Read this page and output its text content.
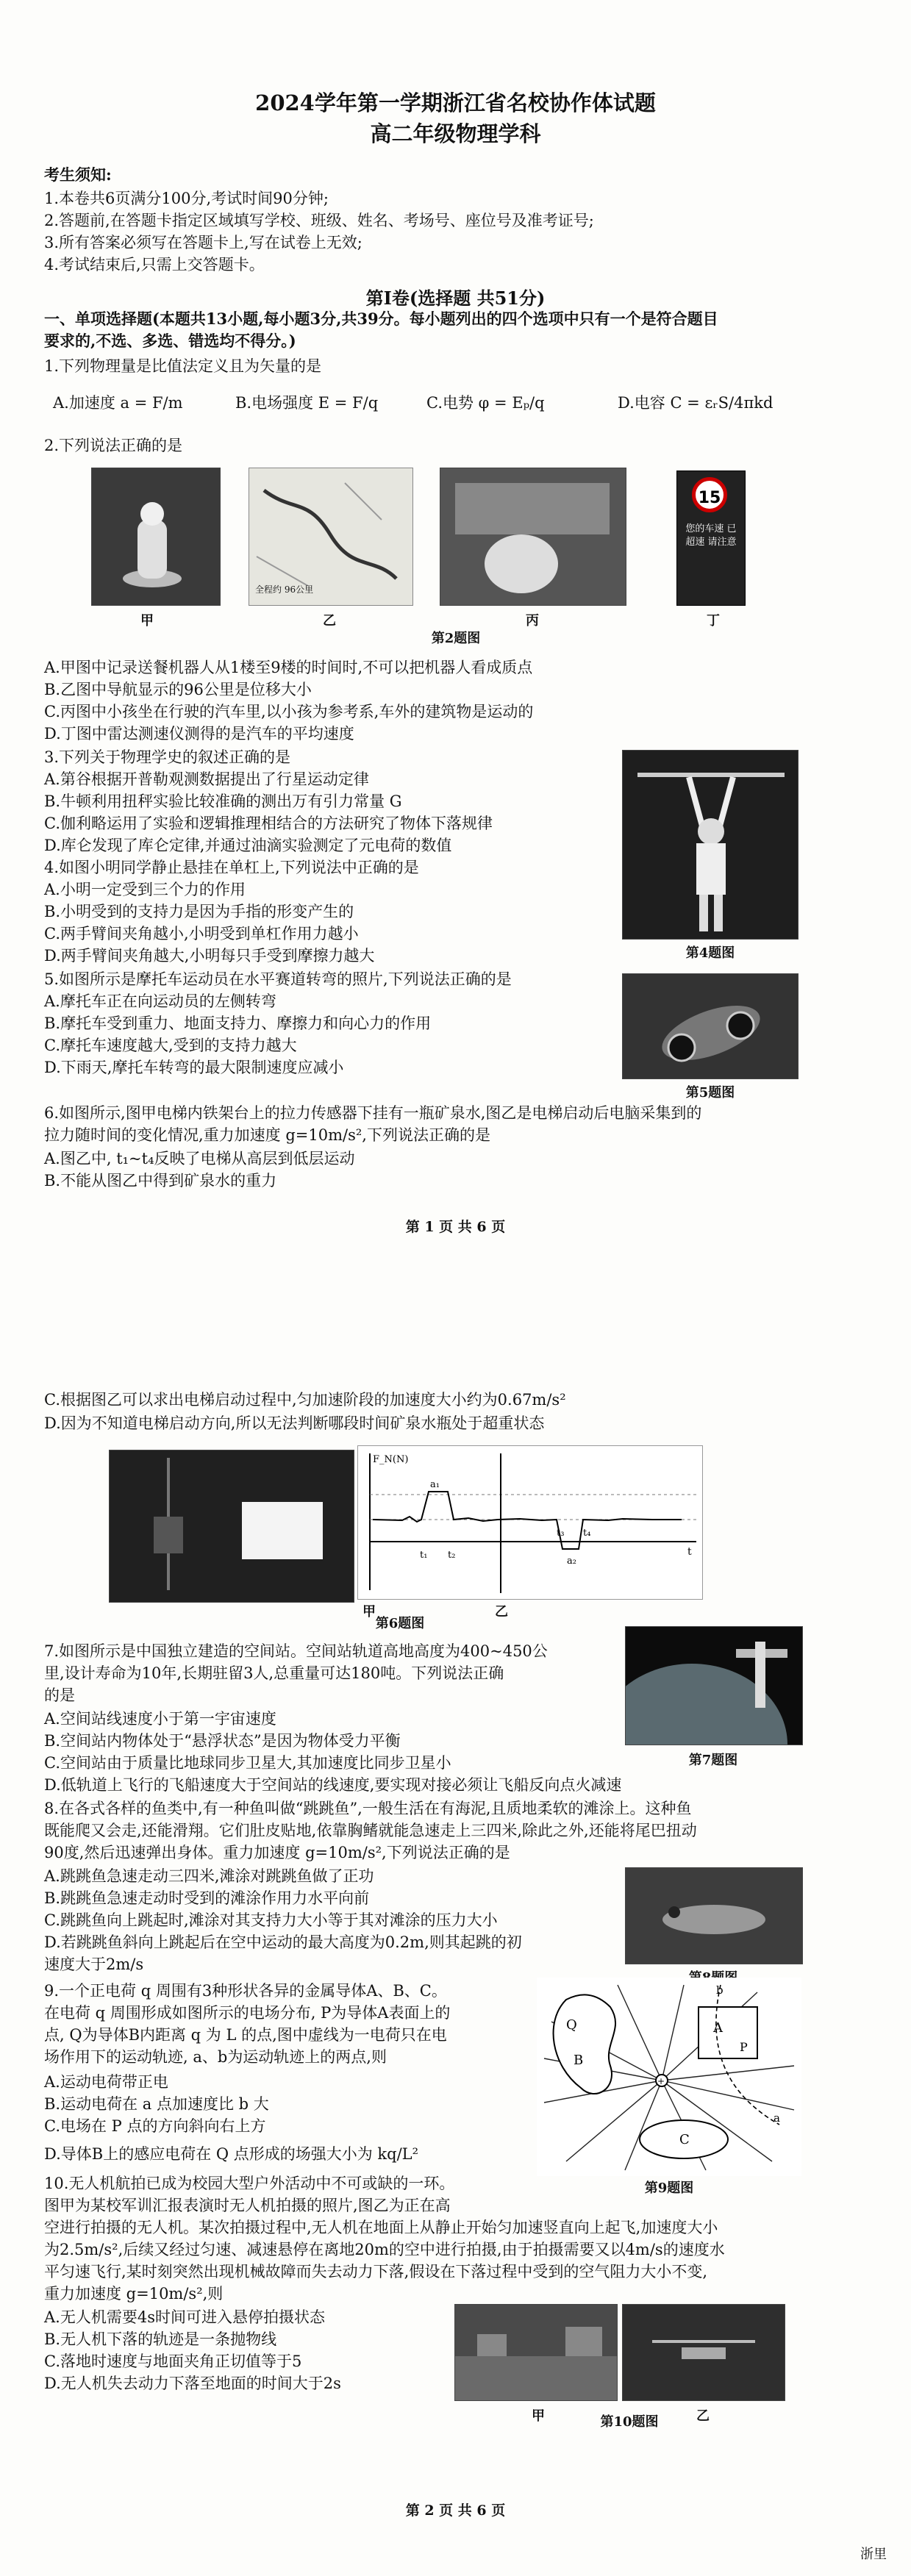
2024学年第一学期浙江省名校协作体试题
高二年级物理学科
考生须知:
1.本卷共6页满分100分,考试时间90分钟;
2.答题前,在答题卡指定区域填写学校、班级、姓名、考场号、座位号及准考证号;
3.所有答案必须写在答题卡上,写在试卷上无效;
4.考试结束后,只需上交答题卡。
第Ⅰ卷(选择题 共51分)
一、单项选择题(本题共13小题,每小题3分,共39分。每小题列出的四个选项中只有一个是符合题目
要求的,不选、多选、错选均不得分。)
1.下列物理量是比值法定义且为矢量的是
A.加速度 a = F/m	B.电场强度 E = F/q	C.电势 φ = Eₚ/q	D.电容 C = εᵣS/4πkd
2.下列说法正确的是
全程约 96公里
15
您的车速 已超速 请注意
甲	乙	丙	丁
第2题图
A.甲图中记录送餐机器人从1楼至9楼的时间时,不可以把机器人看成质点
B.乙图中导航显示的96公里是位移大小
C.丙图中小孩坐在行驶的汽车里,以小孩为参考系,车外的建筑物是运动的
D.丁图中雷达测速仪测得的是汽车的平均速度
3.下列关于物理学史的叙述正确的是
A.第谷根据开普勒观测数据提出了行星运动定律
B.牛顿利用扭秤实验比较准确的测出万有引力常量 G
C.伽利略运用了实验和逻辑推理相结合的方法研究了物体下落规律
D.库仑发现了库仑定律,并通过油滴实验测定了元电荷的数值
第4题图
4.如图小明同学静止悬挂在单杠上,下列说法中正确的是
A.小明一定受到三个力的作用
B.小明受到的支持力是因为手指的形变产生的
C.两手臂间夹角越小,小明受到单杠作用力越小
D.两手臂间夹角越大,小明每只手受到摩擦力越大
第5题图
5.如图所示是摩托车运动员在水平赛道转弯的照片,下列说法正确的是
A.摩托车正在向运动员的左侧转弯
B.摩托车受到重力、地面支持力、摩擦力和向心力的作用
C.摩托车速度越大,受到的支持力越大
D.下雨天,摩托车转弯的最大限制速度应减小
6.如图所示,图甲电梯内铁架台上的拉力传感器下挂有一瓶矿泉水,图乙是电梯启动后电脑采集到的
拉力随时间的变化情况,重力加速度 g=10m/s²,下列说法正确的是
A.图乙中, t₁~t₄反映了电梯从高层到低层运动
B.不能从图乙中得到矿泉水的重力
第 1 页 共 6 页
C.根据图乙可以求出电梯启动过程中,匀加速阶段的加速度大小约为0.67m/s²
D.因为不知道电梯启动方向,所以无法判断哪段时间矿泉水瓶处于超重状态
F_N(N)
t
a₁
t₁ t₂
t₃ t₄
a₂
甲	乙
第6题图
7.如图所示是中国独立建造的空间站。空间站轨道高地高度为400~450公
里,设计寿命为10年,长期驻留3人,总重量可达180吨。下列说法正确
的是
A.空间站线速度小于第一宇宙速度
B.空间站内物体处于“悬浮状态”是因为物体受力平衡
C.空间站由于质量比地球同步卫星大,其加速度比同步卫星小
D.低轨道上飞行的飞船速度大于空间站的线速度,要实现对接必须让飞船反向点火减速
第7题图
8.在各式各样的鱼类中,有一种鱼叫做“跳跳鱼”,一般生活在有海泥,且质地柔软的滩涂上。这种鱼
既能爬又会走,还能滑翔。它们肚皮贴地,依靠胸鳍就能急速走上三四米,除此之外,还能将尾巴扭动
90度,然后迅速弹出身体。重力加速度 g=10m/s²,下列说法正确的是
A.跳跳鱼急速走动三四米,滩涂对跳跳鱼做了正功
B.跳跳鱼急速走动时受到的滩涂作用力水平向前
C.跳跳鱼向上跳起时,滩涂对其支持力大小等于其对滩涂的压力大小
D.若跳跳鱼斜向上跳起后在空中运动的最大高度为0.2m,则其起跳的初
速度大于2m/s
9.一个正电荷 q 周围有3种形状各异的金属导体A、B、C。
在电荷 q 周围形成如图所示的电场分布, P为导体A表面上的
点, Q为导体B内距离 q 为 L 的点,图中虚线为一电荷只在电
场作用下的运动轨迹, a、b为运动轨迹上的两点,则
A.运动电荷带正电
B.运动电荷在 a 点加速度比 b 大
C.电场在 P 点的方向斜向右上方
D.导体B上的感应电荷在 Q 点形成的场强大小为 kq/L²
+
Q
B
A
P
C
b
a
第9题图
10.无人机航拍已成为校园大型户外活动中不可或缺的一环。
图甲为某校军训汇报表演时无人机拍摄的照片,图乙为正在高
空进行拍摄的无人机。某次拍摄过程中,无人机在地面上从静止开始匀加速竖直向上起飞,加速度大小
为2.5m/s²,后续又经过匀速、减速悬停在离地20m的空中进行拍摄,由于拍摄需要又以4m/s的速度水
平匀速飞行,某时刻突然出现机械故障而失去动力下落,假设在下落过程中受到的空气阻力大小不变,
重力加速度 g=10m/s²,则
A.无人机需要4s时间可进入悬停拍摄状态
B.无人机下落的轨迹是一条抛物线
C.落地时速度与地面夹角正切值等于5
D.无人机失去动力下落至地面的时间大于2s
甲	乙
第10题图
第 2 页 共 6 页
浙里
